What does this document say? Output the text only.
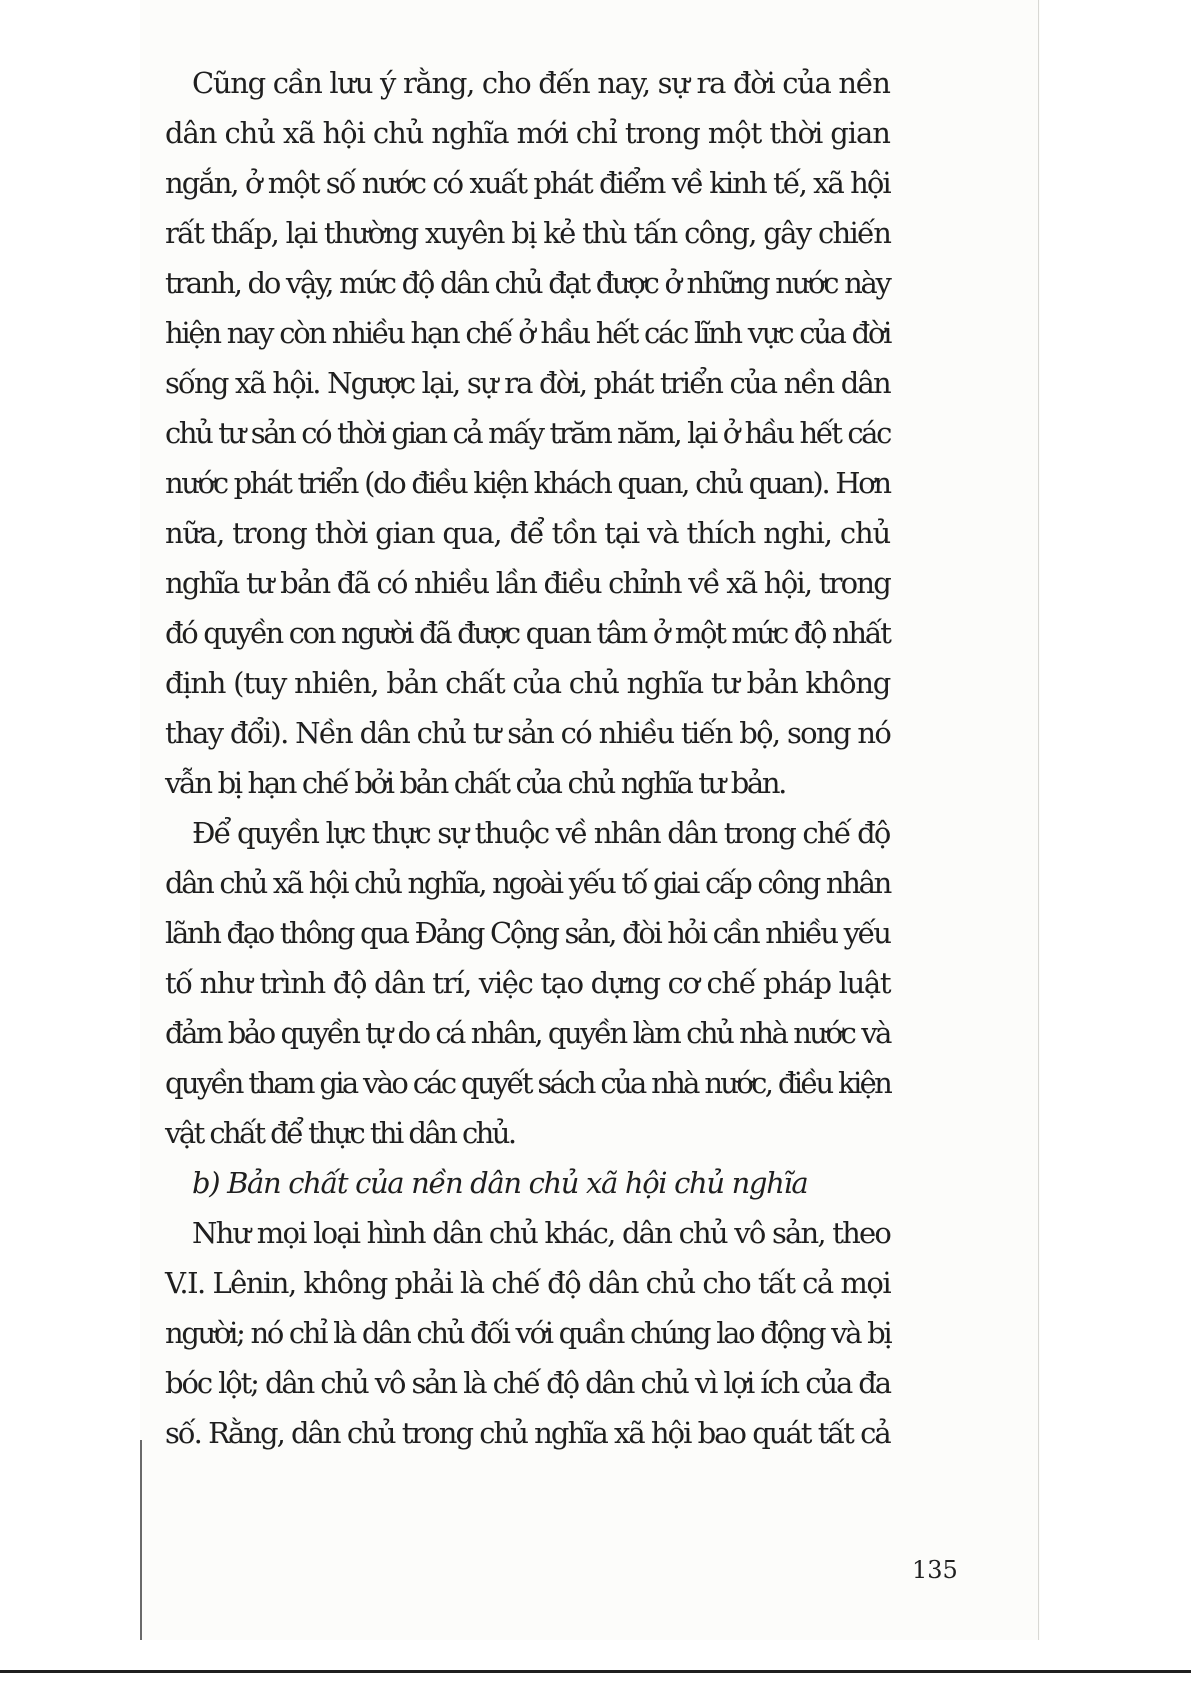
Cũng cần lưu ý rằng, cho đến nay, sự ra đời của nền

dân chủ xã hội chủ nghĩa mới chỉ trong một thời gian

ngắn, ở một số nước có xuất phát điểm về kinh tế, xã hội

rất thấp, lại thường xuyên bị kẻ thù tấn công, gây chiến

tranh, do vậy, mức độ dân chủ đạt được ở những nước này

hiện nay còn nhiều hạn chế ở hầu hết các lĩnh vực của đời

sống xã hội. Ngược lại, sự ra đời, phát triển của nền dân

chủ tư sản có thời gian cả mấy trăm năm, lại ở hầu hết các

nước phát triển (do điều kiện khách quan, chủ quan). Hơn

nữa, trong thời gian qua, để tồn tại và thích nghi, chủ

nghĩa tư bản đã có nhiều lần điều chỉnh về xã hội, trong

đó quyền con người đã được quan tâm ở một mức độ nhất

định (tuy nhiên, bản chất của chủ nghĩa tư bản không

thay đổi). Nền dân chủ tư sản có nhiều tiến bộ, song nó

vẫn bị hạn chế bởi bản chất của chủ nghĩa tư bản.

Để quyền lực thực sự thuộc về nhân dân trong chế độ

dân chủ xã hội chủ nghĩa, ngoài yếu tố giai cấp công nhân

lãnh đạo thông qua Đảng Cộng sản, đòi hỏi cần nhiều yếu

tố như trình độ dân trí, việc tạo dựng cơ chế pháp luật

đảm bảo quyền tự do cá nhân, quyền làm chủ nhà nước và

quyền tham gia vào các quyết sách của nhà nước, điều kiện

vật chất để thực thi dân chủ.

b) Bản chất của nền dân chủ xã hội chủ nghĩa

Như mọi loại hình dân chủ khác, dân chủ vô sản, theo

V.I. Lênin, không phải là chế độ dân chủ cho tất cả mọi

người; nó chỉ là dân chủ đối với quần chúng lao động và bị

bóc lột; dân chủ vô sản là chế độ dân chủ vì lợi ích của đa

số. Rằng, dân chủ trong chủ nghĩa xã hội bao quát tất cả

135
